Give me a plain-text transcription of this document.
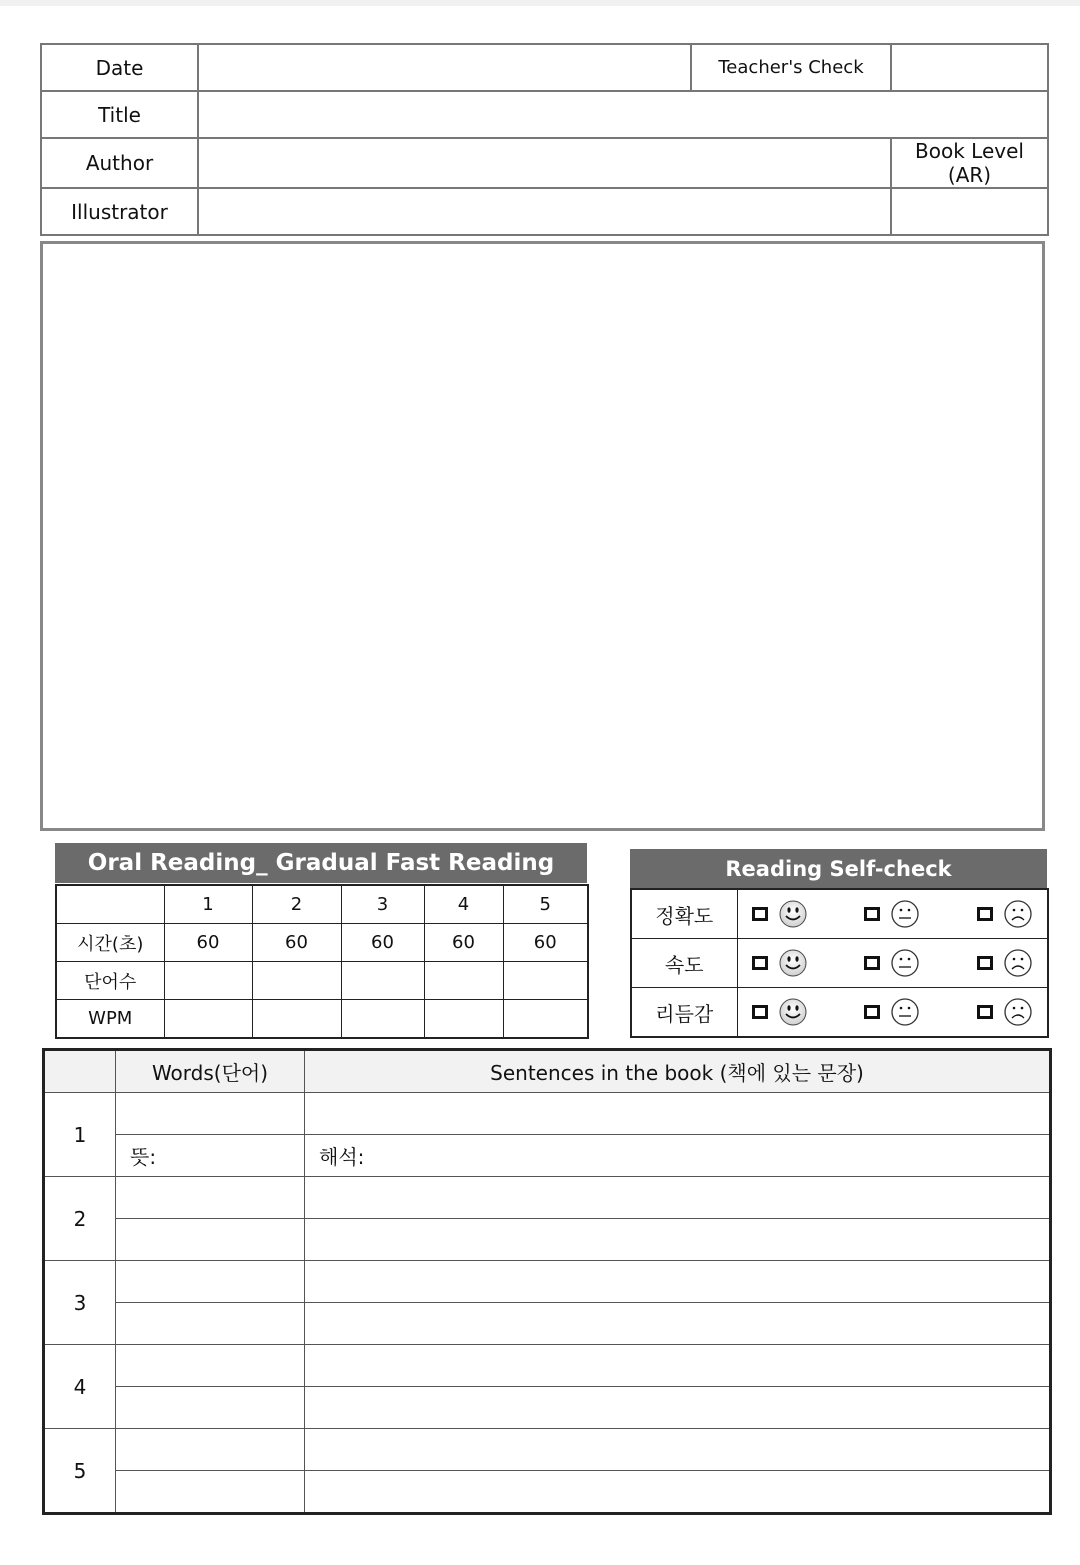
Date		Teacher's Check	
Title			
Author			Book Level (AR)
Illustrator			
Oral Reading_ Gradual Fast Reading
	1	2	3	4	5
시간(초)	60	60	60	60	60
단어수					
WPM					
Reading Self-check
정확도	

속도	

리듬감	
	Words(단어)	Sentences in the book (책에 있는 문장)
1		
	뜻:	해석:
2		

3		

4		

5		
